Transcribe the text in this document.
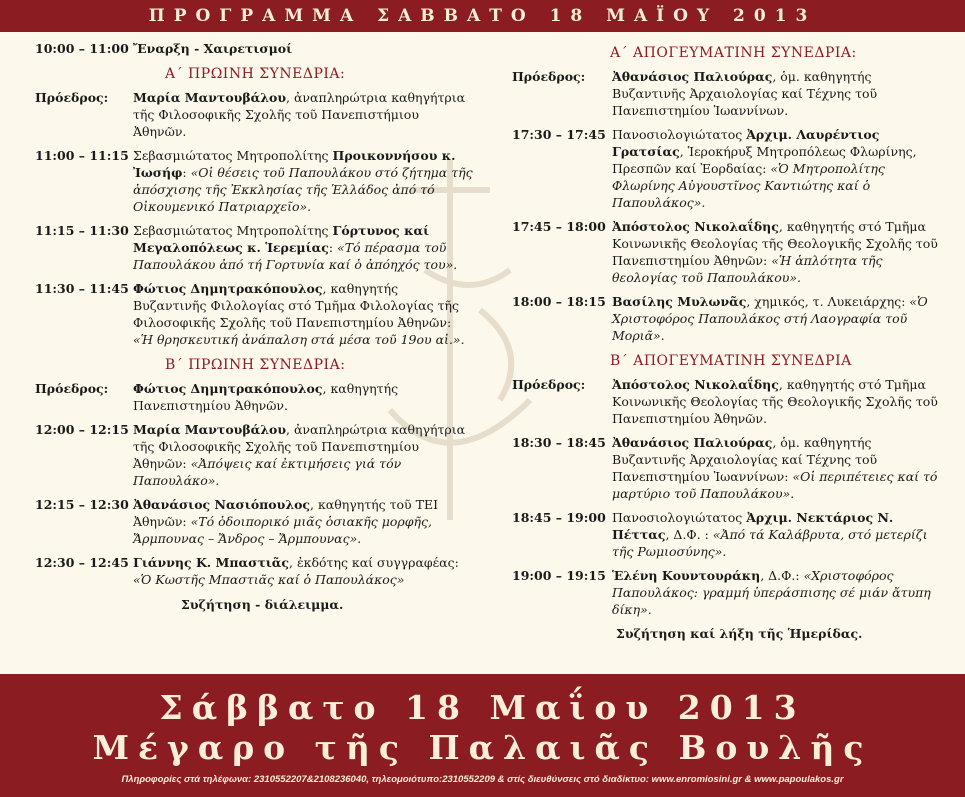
ΠΡΟΓΡΑΜΜΑ ΣΑΒΒΑΤΟ 18 ΜΑΪΟΥ 2013
10:00 – 11:00 Ἔναρξη - Χαιρετισμοί
Α΄ ΠΡΩΙΝΗ ΣΥΝΕΔΡΙΑ:
Πρόεδρος:	Μαρία Μαντουβάλου, ἀναπληρώτρια καθηγήτρια τῆς Φιλοσοφικῆς Σχολῆς τοῦ Πανεπιστήμιου Ἀθηνῶν.
11:00 – 11:15 Σεβασμιώτατος Μητροπολίτης Προικοννήσου κ. Ἰωσήφ: «Οἱ θέσεις τοῦ Παπουλάκου στό ζήτημα τῆς ἀπόσχισης τῆς Ἐκκλησίας τῆς Ἑλλάδος ἀπό τό Οἰκουμενικό Πατριαρχεῖο».
11:15 – 11:30 Σεβασμιώτατος Μητροπολίτης Γόρτυνος καί Μεγαλοπόλεως κ. Ἱερεμίας: «Τό πέρασμα τοῦ Παπουλάκου ἀπό τή Γορτυνία καί ὁ ἀπόηχός του».
11:30 – 11:45 Φώτιος Δημητρακόπουλος, καθηγητής Βυζαντινῆς Φιλολογίας στό Τμῆμα Φιλολογίας τῆς Φιλοσοφικῆς Σχολῆς τοῦ Πανεπιστημίου Ἀθηνῶν: «Ἡ θρησκευτική ἀνάπαλση στά μέσα τοῦ 19ου αἰ.».
Β΄ ΠΡΩΙΝΗ ΣΥΝΕΔΡΙΑ:
Πρόεδρος:	Φώτιος Δημητρακόπουλος, καθηγητής Πανεπιστημίου Ἀθηνῶν.
12:00 – 12:15 Μαρία Μαντουβάλου, ἀναπληρώτρια καθηγήτρια τῆς Φιλοσοφικῆς Σχολῆς τοῦ Πανεπιστημίου Ἀθηνῶν: «Ἀπόψεις καί ἐκτιμήσεις γιά τόν Παπουλάκο».
12:15 – 12:30 Ἀθανάσιος Νασιόπουλος, καθηγητής τοῦ ΤΕΙ Ἀθηνῶν: «Τό ὁδοιπορικό μιᾶς ὁσιακῆς μορφῆς, Ἄρμπουνας – Ἄνδρος – Ἄρμπουνας».
12:30 – 12:45 Γιάννης Κ. Μπαστιᾶς, ἐκδότης καί συγγραφέας: «Ὁ Κωστῆς Μπαστιᾶς καί ὁ Παπουλάκος»
Συζήτηση - διάλειμμα.
Α΄ ΑΠΟΓΕΥΜΑΤΙΝΗ ΣΥΝΕΔΡΙΑ:
Πρόεδρος:	Ἀθανάσιος Παλιούρας, ὁμ. καθηγητής Βυζαντινῆς Ἀρχαιολογίας καί Τέχνης τοῦ Πανεπιστημίου Ἰωαννίνων.
17:30 – 17:45 Πανοσιολογιώτατος Ἀρχιμ. Λαυρέντιος Γρατσίας, Ἱεροκήρυξ Μητροπόλεως Φλωρίνης, Πρεσπῶν καί Ἐορδαίας: «Ὁ Μητροπολίτης Φλωρίνης Αὐγουστῖνος Καντιώτης καί ὁ Παπουλάκος».
17:45 – 18:00 Ἀπόστολος Νικολαΐδης, καθηγητής στό Τμῆμα Κοινωνικῆς Θεολογίας τῆς Θεολογικῆς Σχολῆς τοῦ Πανεπιστημίου Ἀθηνῶν: «Ἡ ἁπλότητα τῆς θεολογίας τοῦ Παπουλάκου».
18:00 – 18:15 Βασίλης Μυλωνᾶς, χημικός, τ. Λυκειάρχης: «Ὁ Χριστοφόρος Παπουλάκος στή Λαογραφία τοῦ Μοριᾶ».
Β΄ ΑΠΟΓΕΥΜΑΤΙΝΗ ΣΥΝΕΔΡΙΑ
Πρόεδρος:	Ἀπόστολος Νικολαΐδης, καθηγητής στό Τμῆμα Κοινωνικῆς Θεολογίας τῆς Θεολογικῆς Σχολῆς τοῦ Πανεπιστημίου Ἀθηνῶν.
18:30 – 18:45 Ἀθανάσιος Παλιούρας, ὁμ. καθηγητής Βυζαντινῆς Ἀρχαιολογίας καί Τέχνης τοῦ Πανεπιστημίου Ἰωαννίνων: «Οἱ περιπέτειες καί τό μαρτύριο τοῦ Παπουλάκου».
18:45 – 19:00 Πανοσιολογιώτατος Ἀρχιμ. Νεκτάριος Ν. Πέττας, Δ.Φ. : «Ἀπό τά Καλάβρυτα, στό μετερίζι τῆς Ρωμιοσύνης».
19:00 – 19:15 Ἑλένη Κουντουράκη, Δ.Φ.: «Χριστοφόρος Παπουλάκος: γραμμή ὑπεράσπισης σέ μιάν ἄτυπη δίκη».
Συζήτηση καί λήξη τῆς Ἡμερίδας.
Σάββατο 18 Μαΐου 2013
Μέγαρο τῆς Παλαιᾶς Βουλῆς
Πληροφορίες στά τηλέφωνα: 2310552207&2108236040, τηλεομοιότυπο:2310552209 & στίς διευθύνσεις στό διαδίκτυο: www.enromiosini.gr & www.papoulakos.gr
